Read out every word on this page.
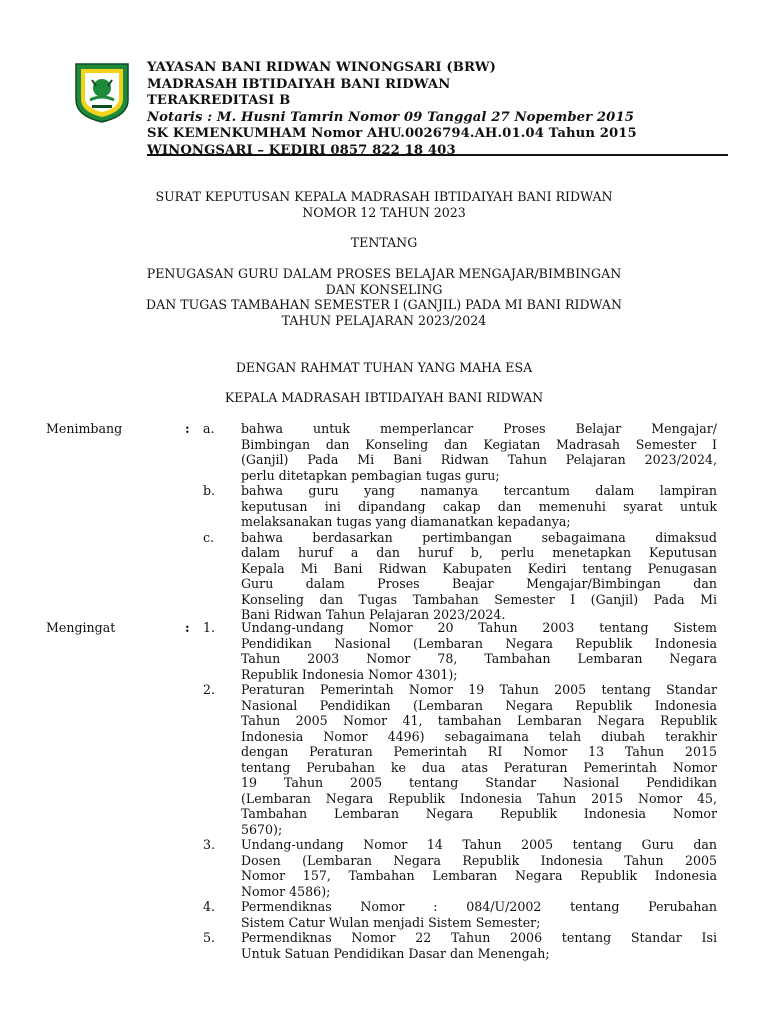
YAYASAN BANI RIDWAN WINONGSARI (BRW)
MADRASAH IBTIDAIYAH BANI RIDWAN
TERAKREDITASI B
Notaris : M. Husni Tamrin Nomor 09 Tanggal 27 Nopember 2015
SK KEMENKUMHAM Nomor AHU.0026794.AH.01.04 Tahun 2015
WINONGSARI – KEDIRI 0857 822 18 403
SURAT KEPUTUSAN KEPALA MADRASAH IBTIDAIYAH BANI RIDWAN
NOMOR 12 TAHUN 2023
TENTANG
PENUGASAN GURU DALAM PROSES BELAJAR MENGAJAR/BIMBINGAN
DAN KONSELING
DAN TUGAS TAMBAHAN SEMESTER I (GANJIL) PADA MI BANI RIDWAN
TAHUN PELAJARAN 2023/2024
DENGAN RAHMAT TUHAN YANG MAHA ESA
KEPALA MADRASAH IBTIDAIYAH BANI RIDWAN
Menimbang	: a. bahwa untuk memperlancar Proses Belajar Mengajar/
Bimbingan dan Konseling dan Kegiatan Madrasah Semester I
(Ganjil) Pada Mi Bani Ridwan Tahun Pelajaran 2023/2024,
perlu ditetapkan pembagian tugas guru;
b. bahwa guru yang namanya tercantum dalam lampiran
keputusan ini dipandang cakap dan memenuhi syarat untuk
melaksanakan tugas yang diamanatkan kepadanya;
c. bahwa berdasarkan pertimbangan sebagaimana dimaksud
dalam huruf a dan huruf b, perlu menetapkan Keputusan
Kepala Mi Bani Ridwan Kabupaten Kediri tentang Penugasan
Guru dalam Proses Beajar Mengajar/Bimbingan dan
Konseling dan Tugas Tambahan Semester I (Ganjil) Pada Mi
Bani Ridwan Tahun Pelajaran 2023/2024.
Mengingat	: 1. Undang-undang Nomor 20 Tahun 2003 tentang Sistem
Pendidikan Nasional (Lembaran Negara Republik Indonesia
Tahun 2003 Nomor 78, Tambahan Lembaran Negara
Republik Indonesia Nomor 4301);
2. Peraturan Pemerintah Nomor 19 Tahun 2005 tentang Standar
Nasional Pendidikan (Lembaran Negara Republik Indonesia
Tahun 2005 Nomor 41, tambahan Lembaran Negara Republik
Indonesia Nomor 4496) sebagaimana telah diubah terakhir
dengan Peraturan Pemerintah RI Nomor 13 Tahun 2015
tentang Perubahan ke dua atas Peraturan Pemerintah Nomor
19 Tahun 2005 tentang Standar Nasional Pendidikan
(Lembaran Negara Republik Indonesia Tahun 2015 Nomor 45,
Tambahan Lembaran Negara Republik Indonesia Nomor
5670);
3. Undang-undang Nomor 14 Tahun 2005 tentang Guru dan
Dosen (Lembaran Negara Republik Indonesia Tahun 2005
Nomor 157, Tambahan Lembaran Negara Republik Indonesia
Nomor 4586);
4. Permendiknas Nomor : 084/U/2002 tentang Perubahan
Sistem Catur Wulan menjadi Sistem Semester;
5. Permendiknas Nomor 22 Tahun 2006 tentang Standar Isi
Untuk Satuan Pendidikan Dasar dan Menengah;
